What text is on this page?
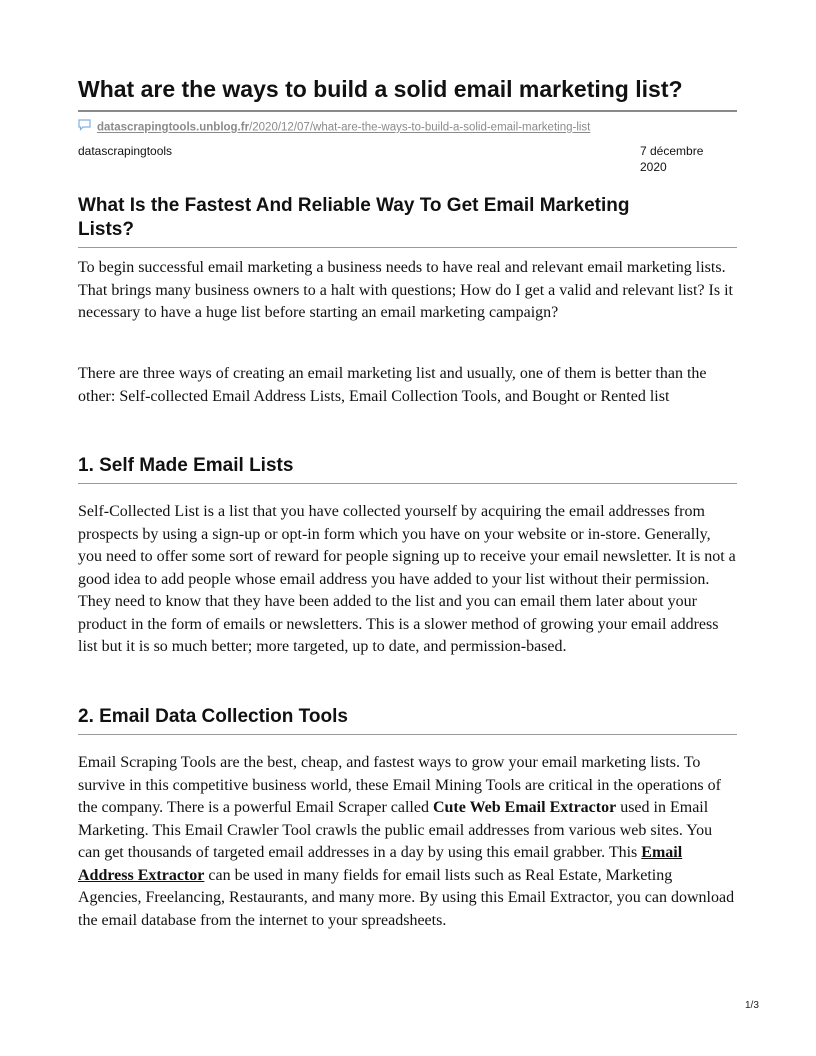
What are the ways to build a solid email marketing list?
datascrapingtools.unblog.fr/2020/12/07/what-are-the-ways-to-build-a-solid-email-marketing-list
datascrapingtools	7 décembre
2020
What Is the Fastest And Reliable Way To Get Email Marketing
Lists?

To begin successful email marketing a business needs to have real and relevant email marketing lists. That brings many business owners to a halt with questions; How do I get a valid and relevant list? Is it necessary to have a huge list before starting an email marketing campaign?

There are three ways of creating an email marketing list and usually, one of them is better than the other: Self-collected Email Address Lists, Email Collection Tools, and Bought or Rented list

1. Self Made Email Lists

Self-Collected List is a list that you have collected yourself by acquiring the email addresses from prospects by using a sign-up or opt-in form which you have on your website or in-store. Generally, you need to offer some sort of reward for people signing up to receive your email newsletter. It is not a good idea to add people whose email address you have added to your list without their permission. They need to know that they have been added to the list and you can email them later about your product in the form of emails or newsletters. This is a slower method of growing your email address list but it is so much better; more targeted, up to date, and permission-based.

2. Email Data Collection Tools

Email Scraping Tools are the best, cheap, and fastest ways to grow your email marketing lists. To survive in this competitive business world, these Email Mining Tools are critical in the operations of the company. There is a powerful Email Scraper called Cute Web Email Extractor used in Email Marketing. This Email Crawler Tool crawls the public email addresses from various web sites. You can get thousands of targeted email addresses in a day by using this email grabber. This Email Address Extractor can be used in many fields for email lists such as Real Estate, Marketing Agencies, Freelancing, Restaurants, and many more. By using this Email Extractor, you can download the email database from the internet to your spreadsheets.

1/3
